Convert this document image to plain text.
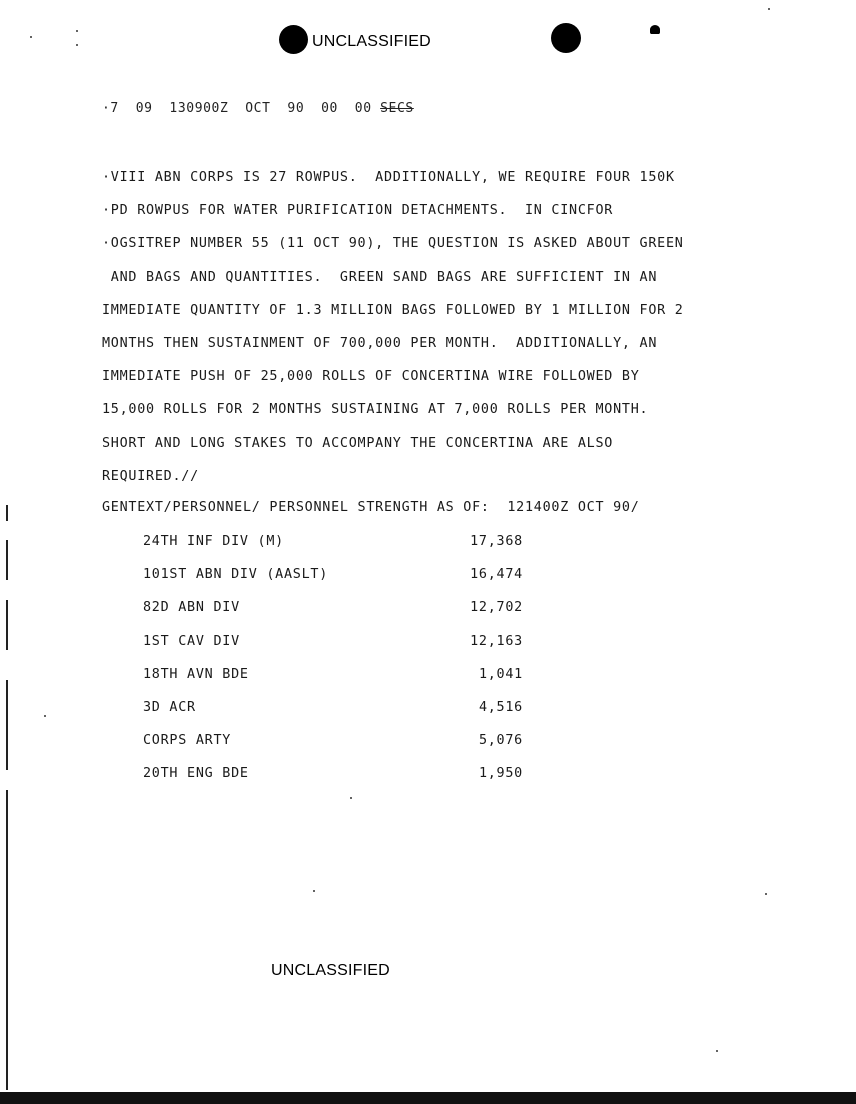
UNCLASSIFIED
·7  09  130900Z  OCT  90  00  00 SECS
·VIII ABN CORPS IS 27 ROWPUS.  ADDITIONALLY, WE REQUIRE FOUR 150K
·PD ROWPUS FOR WATER PURIFICATION DETACHMENTS.  IN CINCFOR
·OGSITREP NUMBER 55 (11 OCT 90), THE QUESTION IS ASKED ABOUT GREEN
AND BAGS AND QUANTITIES.  GREEN SAND BAGS ARE SUFFICIENT IN AN
IMMEDIATE QUANTITY OF 1.3 MILLION BAGS FOLLOWED BY 1 MILLION FOR 2
MONTHS THEN SUSTAINMENT OF 700,000 PER MONTH.  ADDITIONALLY, AN
IMMEDIATE PUSH OF 25,000 ROLLS OF CONCERTINA WIRE FOLLOWED BY
15,000 ROLLS FOR 2 MONTHS SUSTAINING AT 7,000 ROLLS PER MONTH.
SHORT AND LONG STAKES TO ACCOMPANY THE CONCERTINA ARE ALSO
REQUIRED.//
GENTEXT/PERSONNEL/ PERSONNEL STRENGTH AS OF:  121400Z OCT 90/
24TH INF DIV (M)	17,368
101ST ABN DIV (AASLT)	16,474
82D ABN DIV	12,702
1ST CAV DIV	12,163
18TH AVN BDE	1,041
3D ACR	4,516
CORPS ARTY	5,076
20TH ENG BDE	1,950
UNCLASSIFIED
